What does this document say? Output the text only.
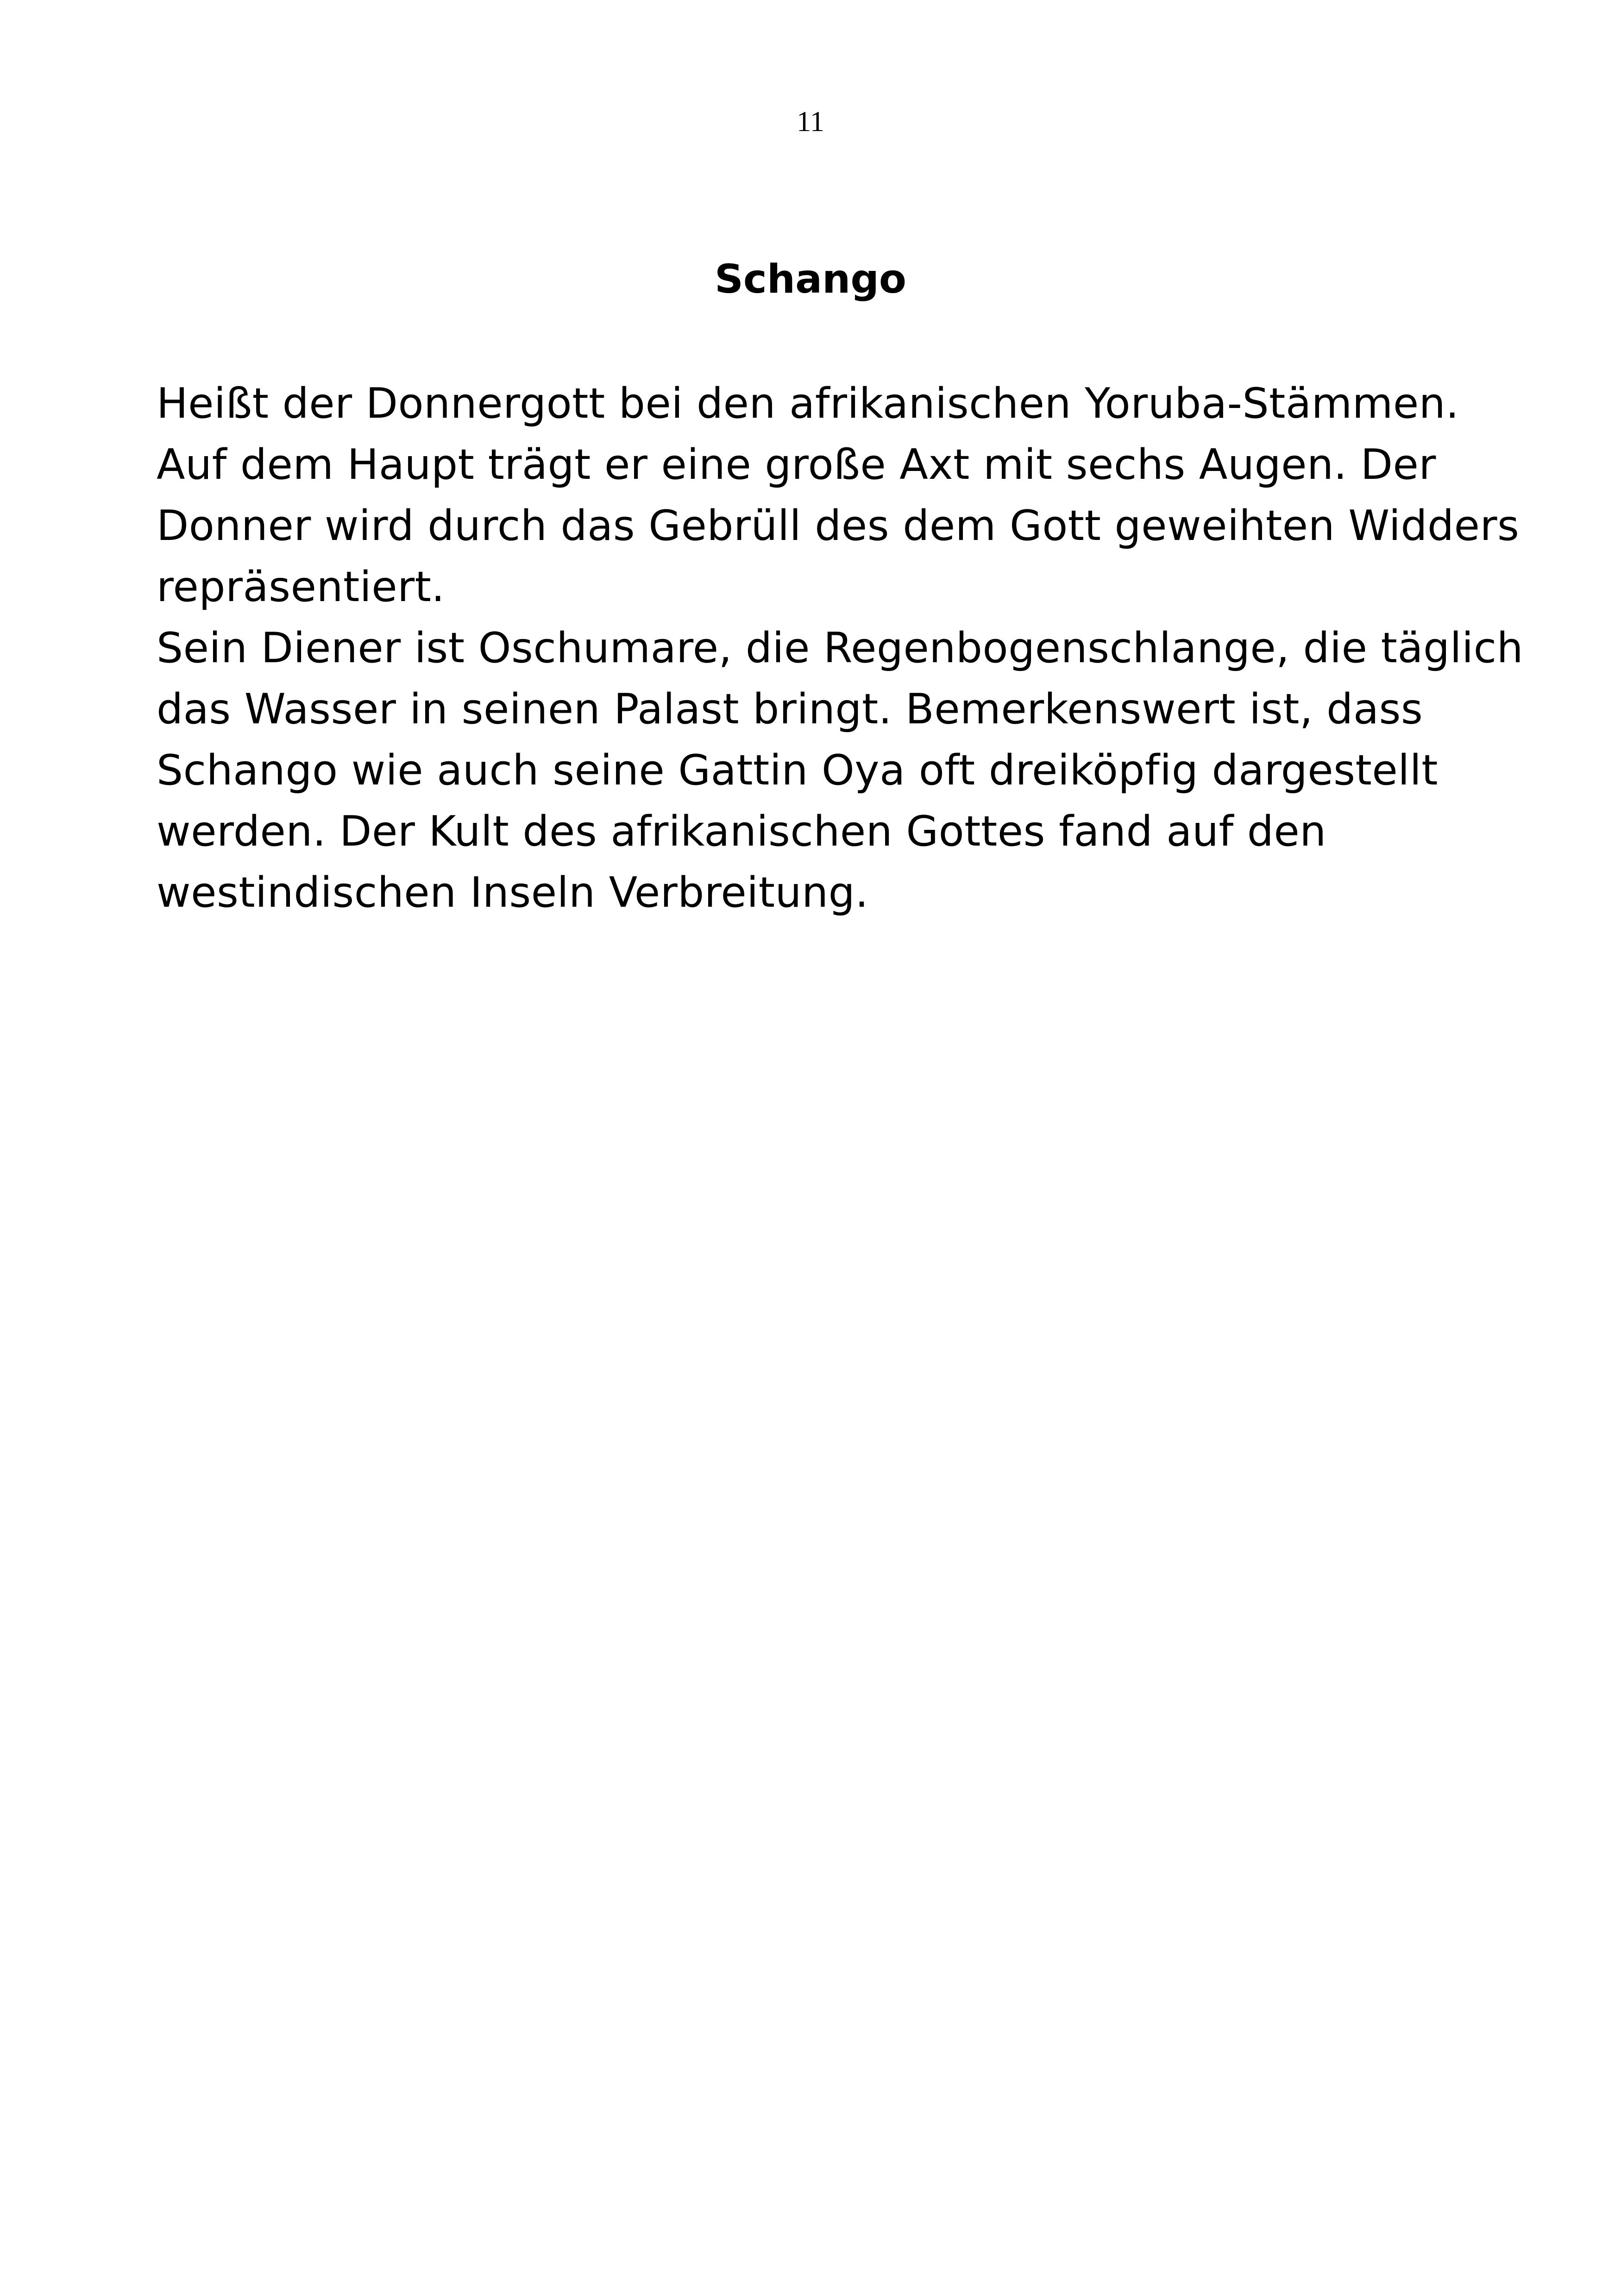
11
Schango
Heißt der Donnergott bei den afrikanischen Yoruba-Stämmen.
Auf dem Haupt trägt er eine große Axt mit sechs Augen. Der
Donner wird durch das Gebrüll des dem Gott geweihten Widders
repräsentiert.
Sein Diener ist Oschumare, die Regenbogenschlange, die täglich
das Wasser in seinen Palast bringt. Bemerkenswert ist, dass
Schango wie auch seine Gattin Oya oft dreiköpfig dargestellt
werden. Der Kult des afrikanischen Gottes fand auf den
westindischen Inseln Verbreitung.
